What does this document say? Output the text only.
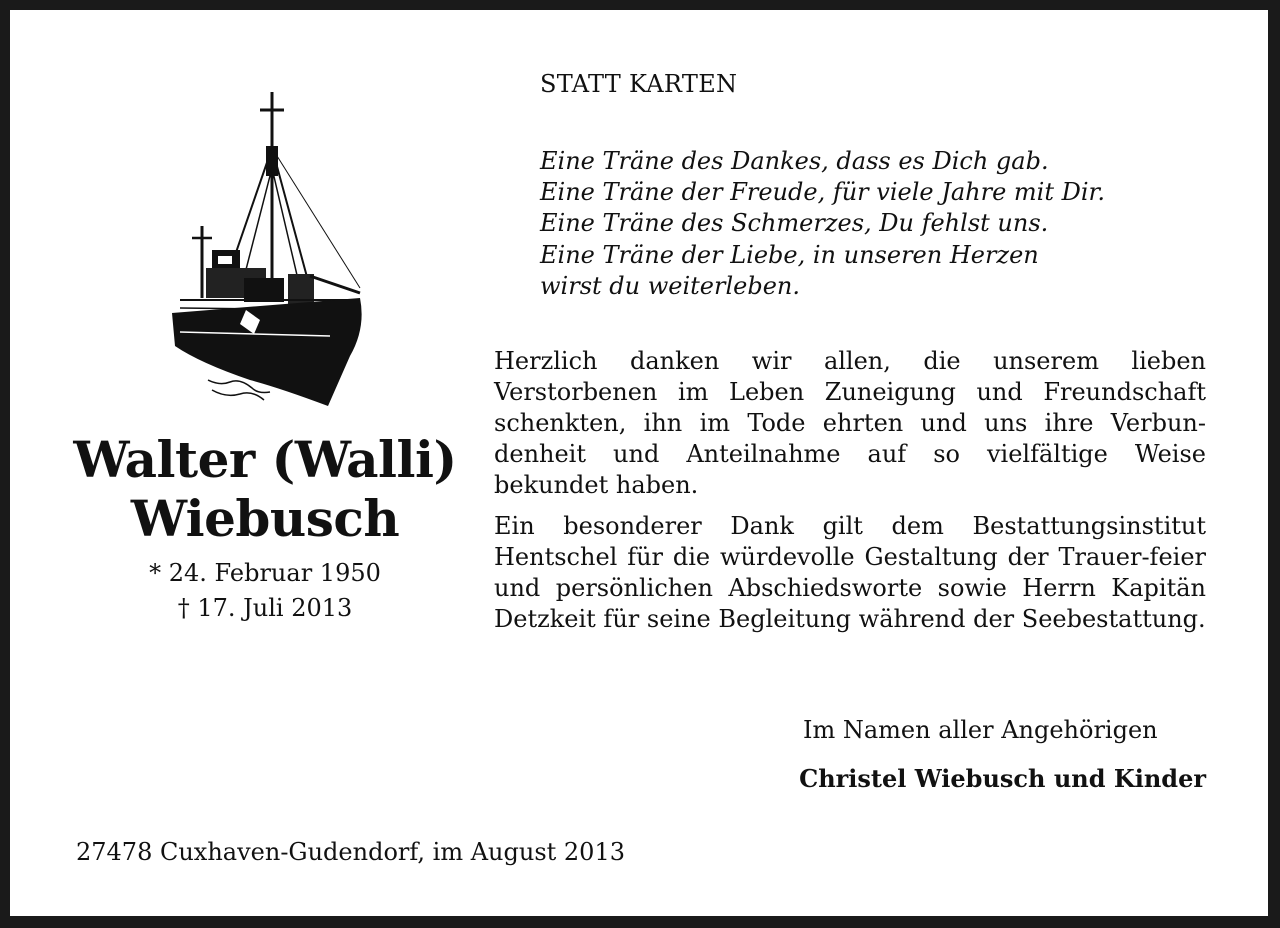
Walter (Walli)
Wiebusch
* 24. Februar 1950
† 17. Juli 2013
STATT KARTEN
Eine Träne des Dankes, dass es Dich gab.
Eine Träne der Freude, für viele Jahre mit Dir.
Eine Träne des Schmerzes, Du fehlst uns.
Eine Träne der Liebe, in unseren Herzen
wirst du weiterleben.
Herzlich danken wir allen, die unserem lieben Verstorbenen im Leben Zuneigung und Freundschaft schenkten, ihn im Tode ehrten und uns ihre Verbun-denheit und Anteilnahme auf so vielfältige Weise bekundet haben.
Ein besonderer Dank gilt dem Bestattungsinstitut Hentschel für die würdevolle Gestaltung der Trauer-feier und persönlichen Abschiedsworte sowie Herrn Kapitän Detzkeit für seine Begleitung während der Seebestattung.
Im Namen aller Angehörigen
Christel Wiebusch und Kinder
27478 Cuxhaven-Gudendorf, im August 2013
